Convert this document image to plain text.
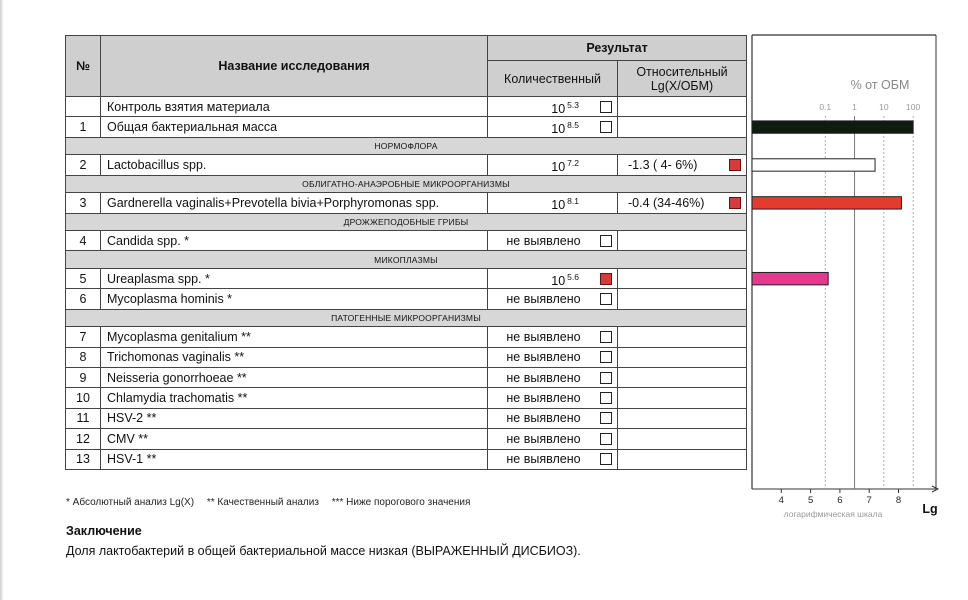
№	Название исследования	Результат	
		Количественный	Относительный
Lg(X/ОБМ)
	Контроль взятия материала	10 $^{5.3}$

1	Общая бактериальная масса	10 $^{8.5}$

НОРМОФЛОРА			
2	Lactobacillus spp.	10 $^{7.2}$	-1.3 ( 4- 6%)

ОБЛИГАТНО-АНАЭРОБНЫЕ МИКРООРГАНИЗМЫ			
3	Gardnerella vaginalis+Prevotella bivia+Porphyromonas spp.	10 $^{8.1}$	-0.4 (34-46%)

ДРОЖЖЕПОДОБНЫЕ ГРИБЫ			
4	Candida spp. *	не выявлено

МИКОПЛАЗМЫ			
5	Ureaplasma spp. *	10 $^{5.6}$

6	Mycoplasma hominis *	не выявлено

ПАТОГЕННЫЕ МИКРООРГАНИЗМЫ			
7	Mycoplasma genitalium **	не выявлено

8	Trichomonas vaginalis **	не выявлено

9	Neisseria gonorrhoeae **	не выявлено

10	Chlamydia trachomatis **	не выявлено

11	HSV-2 **	не выявлено

12	CMV **	не выявлено

13	HSV-1 **	не выявлено

% от ОБМ
0.1 1	10 100
4	5	6	7	8
логарифмическая шкала	Lg
* Абсолютный анализ Lg(X) ** Качественный анализ *** Ниже порогового значения
Заключение
Доля лактобактерий в общей бактериальной массе низкая (ВЫРАЖЕННЫЙ ДИСБИОЗ).
